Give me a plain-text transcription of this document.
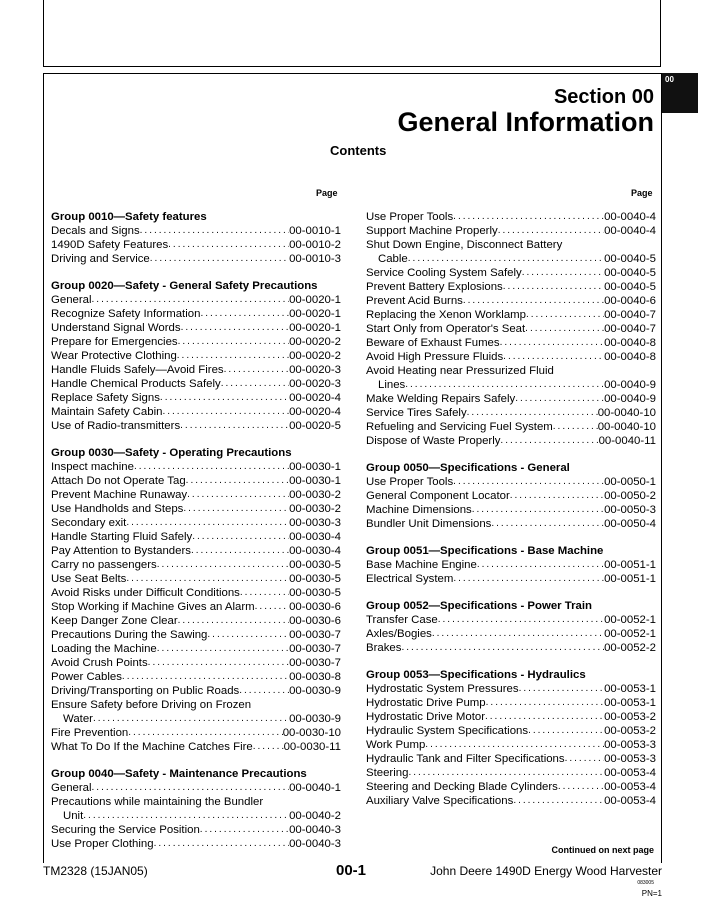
00
Section 00
General Information
Contents
Page	Page
Group 0010—Safety features
Decals and Signs .....	00-0010-1
1490D Safety Features .....	00-0010-2
Driving and Service .....	00-0010-3
Group 0020—Safety - General Safety Precautions
General .....	00-0020-1
Recognize Safety Information .....	00-0020-1
Understand Signal Words .....	00-0020-1
Prepare for Emergencies .....	00-0020-2
Wear Protective Clothing .....	00-0020-2
Handle Fluids Safely—Avoid Fires .....	00-0020-3
Handle Chemical Products Safely .....	00-0020-3
Replace Safety Signs .....	00-0020-4
Maintain Safety Cabin .....	00-0020-4
Use of Radio-transmitters .....	00-0020-5
Group 0030—Safety - Operating Precautions
Inspect machine .....	00-0030-1
Attach Do not Operate Tag .....	00-0030-1
Prevent Machine Runaway .....	00-0030-2
Use Handholds and Steps .....	00-0030-2
Secondary exit .....	00-0030-3
Handle Starting Fluid Safely .....	00-0030-4
Pay Attention to Bystanders .....	00-0030-4
Carry no passengers .....	00-0030-5
Use Seat Belts .....	00-0030-5
Avoid Risks under Difficult Conditions .....	00-0030-5
Stop Working if Machine Gives an Alarm .....	00-0030-6
Keep Danger Zone Clear .....	00-0030-6
Precautions During the Sawing .....	00-0030-7
Loading the Machine .....	00-0030-7
Avoid Crush Points .....	00-0030-7
Power Cables .....	00-0030-8
Driving/Transporting on Public Roads .....	00-0030-9
Ensure Safety before Driving on Frozen
Water .....	00-0030-9
Fire Prevention .....	00-0030-10
What To Do If the Machine Catches Fire .....	00-0030-11
Group 0040—Safety - Maintenance Precautions
General .....	00-0040-1
Precautions while maintaining the Bundler
Unit .....	00-0040-2
Securing the Service Position .....	00-0040-3
Use Proper Clothing .....	00-0040-3
Use Proper Tools .....	00-0040-4
Support Machine Properly .....	00-0040-4
Shut Down Engine, Disconnect Battery
Cable .....	00-0040-5
Service Cooling System Safely .....	00-0040-5
Prevent Battery Explosions .....	00-0040-5
Prevent Acid Burns .....	00-0040-6
Replacing the Xenon Worklamp .....	00-0040-7
Start Only from Operator's Seat .....	00-0040-7
Beware of Exhaust Fumes .....	00-0040-8
Avoid High Pressure Fluids .....	00-0040-8
Avoid Heating near Pressurized Fluid
Lines .....	00-0040-9
Make Welding Repairs Safely .....	00-0040-9
Service Tires Safely .....	00-0040-10
Refueling and Servicing Fuel System .....	00-0040-10
Dispose of Waste Properly .....	00-0040-11
Group 0050—Specifications - General
Use Proper Tools .....	00-0050-1
General Component Locator .....	00-0050-2
Machine Dimensions .....	00-0050-3
Bundler Unit Dimensions .....	00-0050-4
Group 0051—Specifications - Base Machine
Base Machine Engine .....	00-0051-1
Electrical System .....	00-0051-1
Group 0052—Specifications - Power Train
Transfer Case .....	00-0052-1
Axles/Bogies .....	00-0052-1
Brakes .....	00-0052-2
Group 0053—Specifications - Hydraulics
Hydrostatic System Pressures .....	00-0053-1
Hydrostatic Drive Pump .....	00-0053-1
Hydrostatic Drive Motor .....	00-0053-2
Hydraulic System Specifications .....	00-0053-2
Work Pump .....	00-0053-3
Hydraulic Tank and Filter Specifications .....	00-0053-3
Steering .....	00-0053-4
Steering and Decking Blade Cylinders .....	00-0053-4
Auxiliary Valve Specifications .....	00-0053-4
Continued on next page
TM2328 (15JAN05)	00-1	John Deere 1490D Energy Wood Harvester
083005
PN=1
